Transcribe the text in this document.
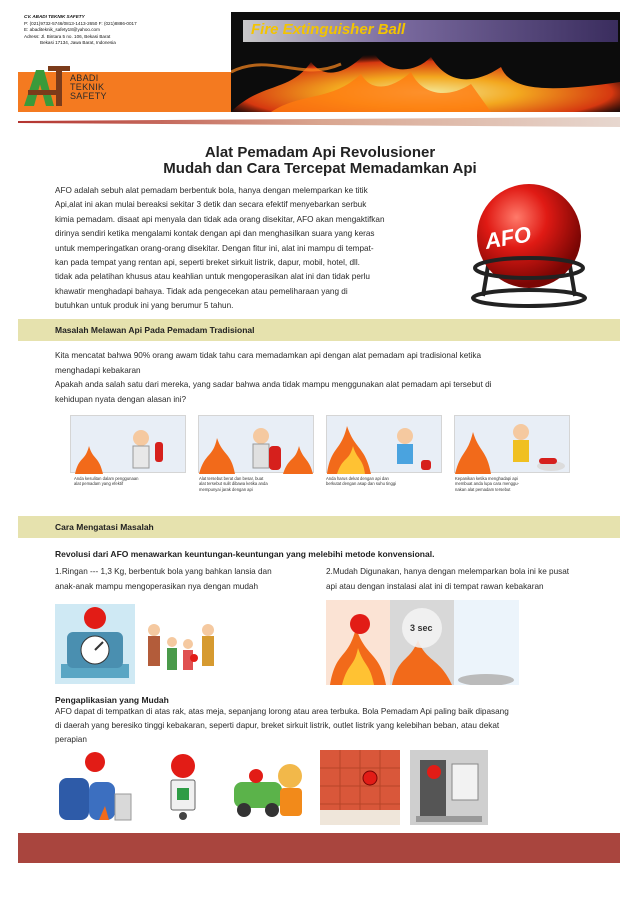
CV. ABADI TEKNIK SAFETY
P: (021)9732-5746/0813-1413-2650 F: (021)8886-0017
E: abaditeknik_safety18@yahoo.com
Adress: Jl. Bintara 5 no. 106, Bekasi Barat
Bekasi 17134, Jawa Barat, Indonesia
ABADI
TEKNIK
SAFETY
Fire Extinguisher Ball
Alat Pemadam Api Revolusioner
Mudah dan Cara Tercepat Memadamkan Api
AFO adalah sebuh alat pemadam berbentuk bola, hanya dengan melemparkan ke titik
Api,alat ini akan mulai bereaksi sekitar 3 detik dan secara efektif menyebarkan serbuk
kimia pemadam. disaat api menyala dan tidak ada orang disekitar, AFO akan mengaktifkan
dirinya sendiri ketika mengalami kontak dengan api dan menghasilkan suara yang keras
untuk memperingatkan orang-orang disekitar. Dengan fitur ini, alat ini mampu di tempat-
kan pada tempat yang rentan api, seperti breket sirkuit listrik, dapur, mobil, hotel, dll.
tidak ada pelatihan khusus atau keahlian untuk mengoperasikan alat ini dan tidak perlu
khawatir menghadapi bahaya. Tidak ada pengecekan atau pemeliharaan yang di
butuhkan untuk produk ini yang berumur 5 tahun.
AFO
Masalah Melawan Api Pada Pemadam Tradisional
Kita mencatat bahwa 90% orang awam tidak tahu cara memadamkan api dengan alat pemadam api tradisional ketika
menghadapi kebakaran
Apakah anda salah satu dari mereka, yang sadar bahwa anda tidak mampu menggunakan alat pemadam api tersebut di
kehidupan nyata dengan alasan ini?
Anda kesulitan dalam penggunaan
alat pemadam yang efektif
Alat tersebut berat dan besar, buat
alat tersebut sulit dibawa ketika anda
mempunyai jarak dengan api
Anda harus dekat dengan api dan
berkutat dengan asap dan suhu tinggi
Kepanikan ketika menghadapi api
membuat anda lupa cara menggu-
nakan alat pemadam tersebut
Cara Mengatasi Masalah
Revolusi dari AFO menawarkan keuntungan-keuntungan yang melebihi metode konvensional.
1.Ringan --- 1,3 Kg, berbentuk bola yang bahkan lansia dan
anak-anak mampu mengoperasikan nya dengan mudah
2.Mudah Digunakan, hanya dengan melemparkan bola ini ke pusat
api atau dengan instalasi alat ini di tempat rawan kebakaran
3 sec
Pengaplikasian yang Mudah
AFO dapat di tempatkan di atas rak, atas meja, sepanjang lorong atau area terbuka. Bola Pemadam Api paling baik dipasang
di daerah yang beresiko tinggi kebakaran, seperti dapur, breket sirkuit listrik, outlet listrik yang kelebihan beban, atau dekat
perapian
